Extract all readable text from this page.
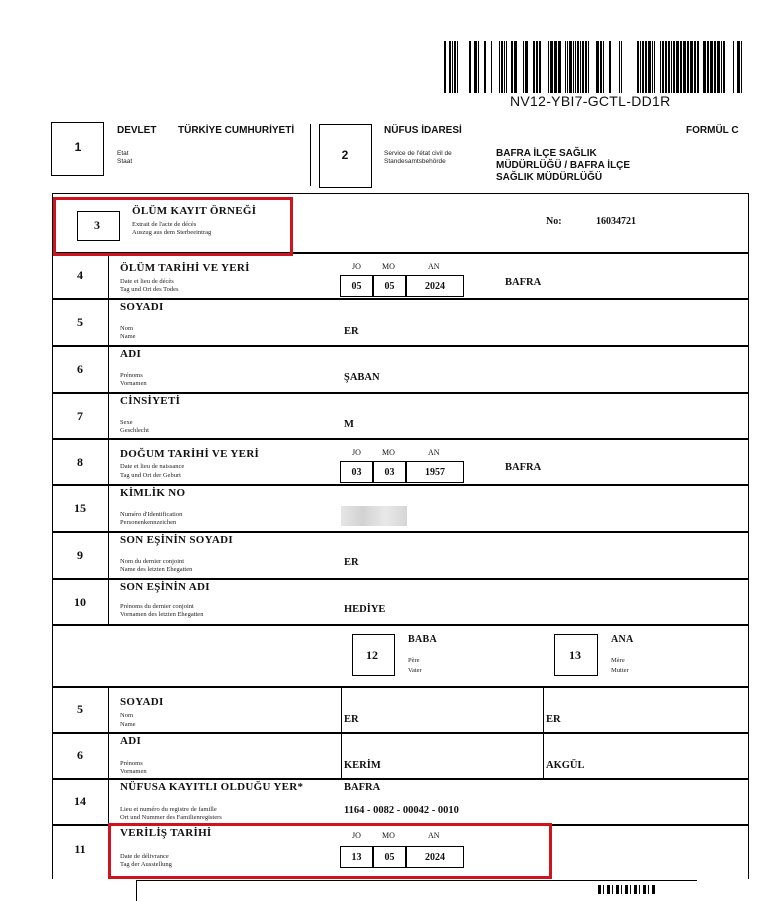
NV12-YBI7-GCTL-DD1R
1
DEVLET TÜRKİYE CUMHURİYETİ
Etat
Staat	2
NÜFUS İDARESİ
Service de l'état civil de
Standesamtsbehörde
BAFRA İLÇE SAĞLIK
MÜDÜRLÜĞÜ / BAFRA İLÇE
SAĞLIK MÜDÜRLÜĞÜ
FORMÜL C
3
ÖLÜM KAYIT ÖRNEĞİ
Extrait de l'acte de décès
Auszug aus dem Sterbeeintrag
No:	16034721
4	ÖLÜM TARİHİ VE YERİ
Date et lieu de décès
Tag und Ort des Todes
JO	MO	AN
05	05	2024	BAFRA
5
SOYADI
Nom
Name	ER
6
ADI
Prénoms
Vornamen
ŞABAN
7
CİNSİYETİ
Sexe
Geschlecht
M
8
DOĞUM TARİHİ VE YERİ
Date et lieu de naissance
Tag und Ort der Geburt
JO	MO	AN
03	03	1957	BAFRA
15
KİMLİK NO
Numéro d'Identification
Personenkennzeichen
9
SON EŞİNİN SOYADI
Nom du dernier conjoint
Name des letzten Ehegatten
ER
10
SON EŞİNİN ADI
Prénoms du dernier conjoint
Vornamen des letzten Ehegatten	HEDİYE
12
BABA
Père
Vater
13
ANA
Mère
Mutter
5	SOYADI
Nom
Name	ER	ER
6
ADI
Prénoms
Vornamen
KERİM	AKGÜL
14
NÜFUSA KAYITLI OLDUĞU YER*
Lieu et numéro du registre de famille
Ort und Nummer des Familienregisters
BAFRA
1164 - 0082 - 00042 - 0010
11
VERİLİŞ TARİHİ
Date de délivrance
Tag der Ausstellung
JO	MO	AN
13	05	2024
